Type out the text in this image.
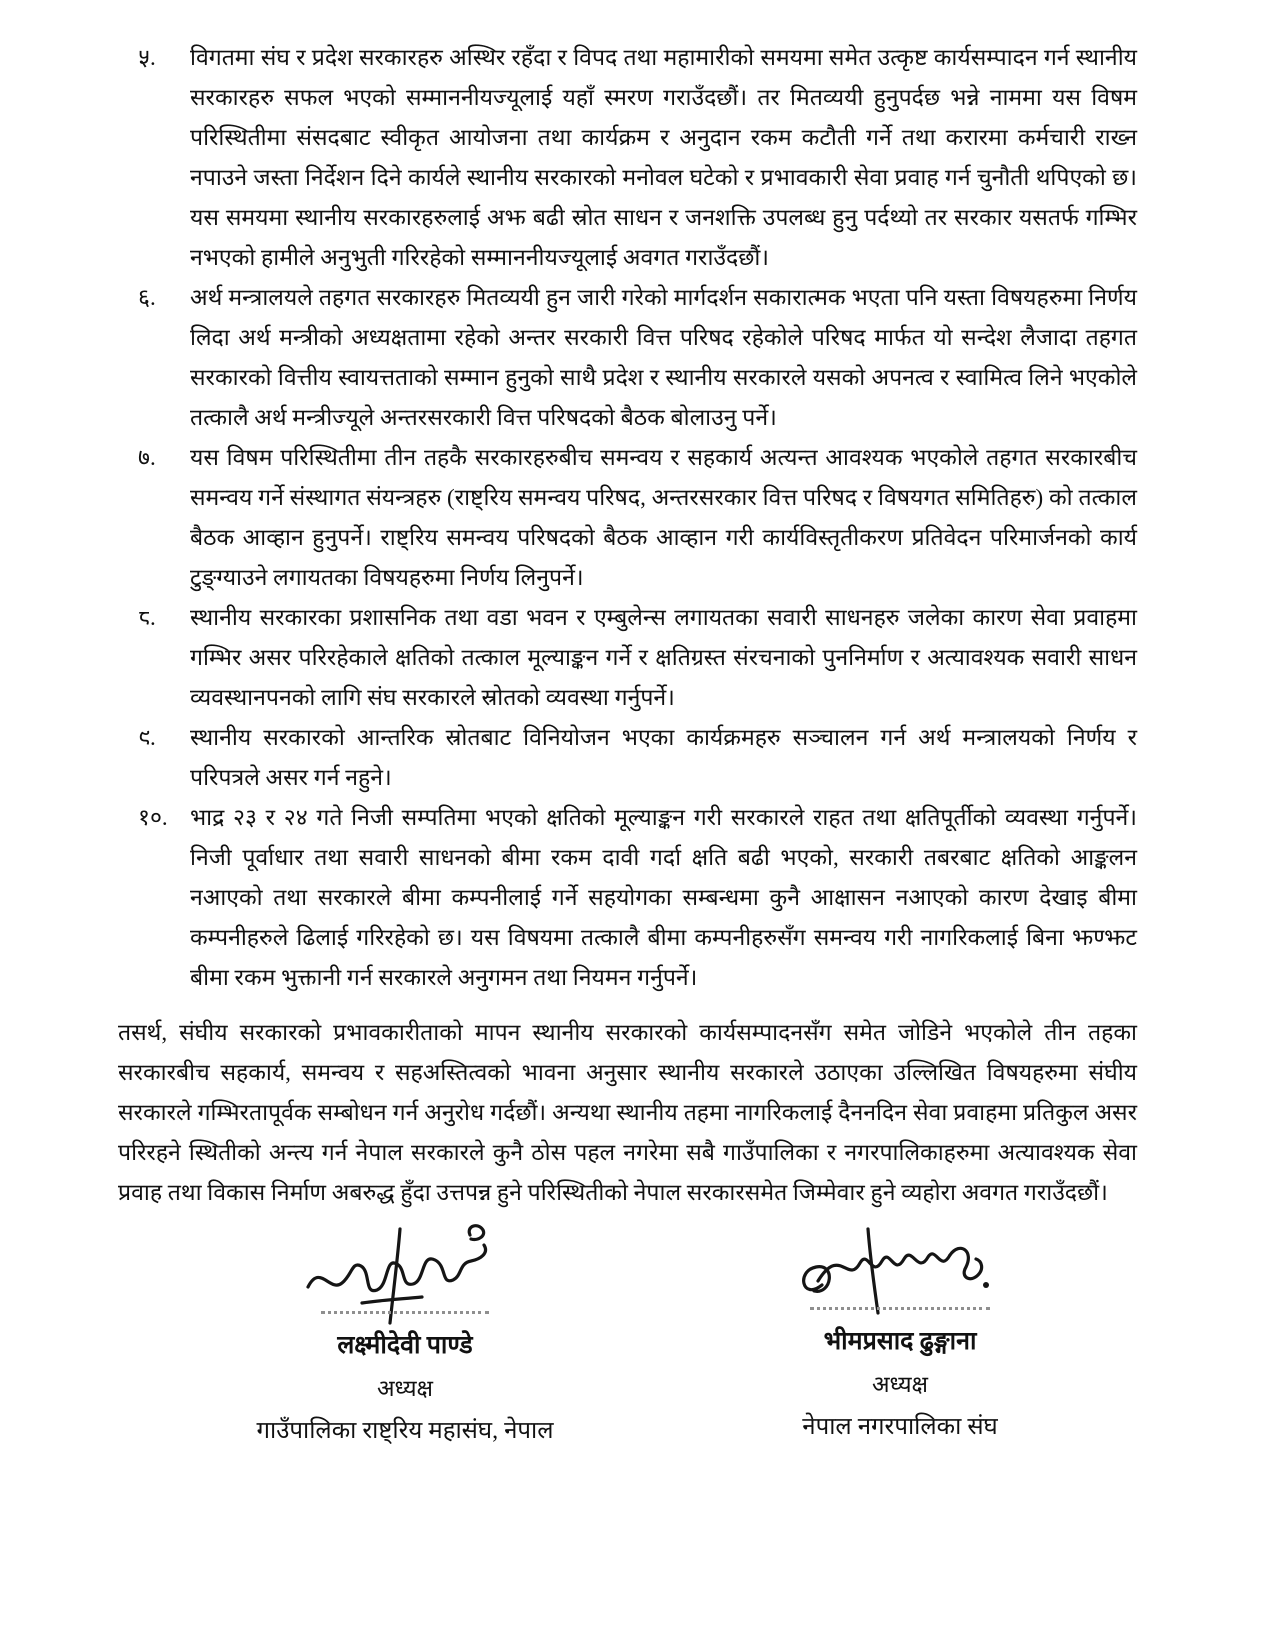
५.	विगतमा संघ र प्रदेश सरकारहरु अस्थिर रहँदा र विपद तथा महामारीको समयमा समेत उत्कृष्ट कार्यसम्पादन गर्न स्थानीय सरकारहरु सफल भएको सम्माननीयज्यूलाई यहाँ स्मरण गराउँदछौं। तर मितव्ययी हुनुपर्दछ भन्ने नाममा यस विषम परिस्थितीमा संसदबाट स्वीकृत आयोजना तथा कार्यक्रम र अनुदान रकम कटौती गर्ने तथा करारमा कर्मचारी राख्न नपाउने जस्ता निर्देशन दिने कार्यले स्थानीय सरकारको मनोवल घटेको र प्रभावकारी सेवा प्रवाह गर्न चुनौती थपिएको छ। यस समयमा स्थानीय सरकारहरुलाई अझ बढी स्रोत साधन र जनशक्ति उपलब्ध हुनु पर्दथ्यो तर सरकार यसतर्फ गम्भिर नभएको हामीले अनुभुती गरिरहेको सम्माननीयज्यूलाई अवगत गराउँदछौं।
६.	अर्थ मन्त्रालयले तहगत सरकारहरु मितव्ययी हुन जारी गरेको मार्गदर्शन सकारात्मक भएता पनि यस्ता विषयहरुमा निर्णय लिदा अर्थ मन्त्रीको अध्यक्षतामा रहेको अन्तर सरकारी वित्त परिषद रहेकोले परिषद मार्फत यो सन्देश लैजादा तहगत सरकारको वित्तीय स्वायत्तताको सम्मान हुनुको साथै प्रदेश र स्थानीय सरकारले यसको अपनत्व र स्वामित्व लिने भएकोले तत्कालै अर्थ मन्त्रीज्यूले अन्तरसरकारी वित्त परिषदको बैठक बोलाउनु पर्ने।
७.	यस विषम परिस्थितीमा तीन तहकै सरकारहरुबीच समन्वय र सहकार्य अत्यन्त आवश्यक भएकोले तहगत सरकारबीच समन्वय गर्ने संस्थागत संयन्त्रहरु (राष्ट्रिय समन्वय परिषद, अन्तरसरकार वित्त परिषद र विषयगत समितिहरु) को तत्काल बैठक आव्हान हुनुपर्ने। राष्ट्रिय समन्वय परिषदको बैठक आव्हान गरी कार्यविस्तृतीकरण प्रतिवेदन परिमार्जनको कार्य टुङ्ग्याउने लगायतका विषयहरुमा निर्णय लिनुपर्ने।
८.	स्थानीय सरकारका प्रशासनिक तथा वडा भवन र एम्बुलेन्स लगायतका सवारी साधनहरु जलेका कारण सेवा प्रवाहमा गम्भिर असर परिरहेकाले क्षतिको तत्काल मूल्याङ्कन गर्ने र क्षतिग्रस्त संरचनाको पुननिर्माण र अत्यावश्यक सवारी साधन व्यवस्थानपनको लागि संघ सरकारले स्रोतको व्यवस्था गर्नुपर्ने।
९.	स्थानीय सरकारको आन्तरिक स्रोतबाट विनियोजन भएका कार्यक्रमहरु सञ्चालन गर्न अर्थ मन्त्रालयको निर्णय र परिपत्रले असर गर्न नहुने।
१०. भाद्र २३ र २४ गते निजी सम्पतिमा भएको क्षतिको मूल्याङ्कन गरी सरकारले राहत तथा क्षतिपूर्तीको व्यवस्था गर्नुपर्ने। निजी पूर्वाधार तथा सवारी साधनको बीमा रकम दावी गर्दा क्षति बढी भएको, सरकारी तबरबाट क्षतिको आङ्कलन नआएको तथा सरकारले बीमा कम्पनीलाई गर्ने सहयोगका सम्बन्धमा कुनै आक्षासन नआएको कारण देखाइ बीमा कम्पनीहरुले ढिलाई गरिरहेको छ। यस विषयमा तत्कालै बीमा कम्पनीहरुसँग समन्वय गरी नागरिकलाई बिना झण्झट बीमा रकम भुक्तानी गर्न सरकारले अनुगमन तथा नियमन गर्नुपर्ने।
तसर्थ, संघीय सरकारको प्रभावकारीताको मापन स्थानीय सरकारको कार्यसम्पादनसँग समेत जोडिने भएकोले तीन तहका सरकारबीच सहकार्य, समन्वय र सहअस्तित्वको भावना अनुसार स्थानीय सरकारले उठाएका उल्लिखित विषयहरुमा संघीय सरकारले गम्भिरतापूर्वक सम्बोधन गर्न अनुरोध गर्दछौं। अन्यथा स्थानीय तहमा नागरिकलाई दैननदिन सेवा प्रवाहमा प्रतिकुल असर परिरहने स्थितीको अन्त्य गर्न नेपाल सरकारले कुनै ठोस पहल नगरेमा सबै गाउँपालिका र नगरपालिकाहरुमा अत्यावश्यक सेवा प्रवाह तथा विकास निर्माण अबरुद्ध हुँदा उत्तपन्न हुने परिस्थितीको नेपाल सरकारसमेत जिम्मेवार हुने व्यहोरा अवगत गराउँदछौं।
लक्ष्मीदेवी पाण्डे
अध्यक्ष
गाउँपालिका राष्ट्रिय महासंघ, नेपाल
भीमप्रसाद ढुङ्गाना
अध्यक्ष
नेपाल नगरपालिका संघ
